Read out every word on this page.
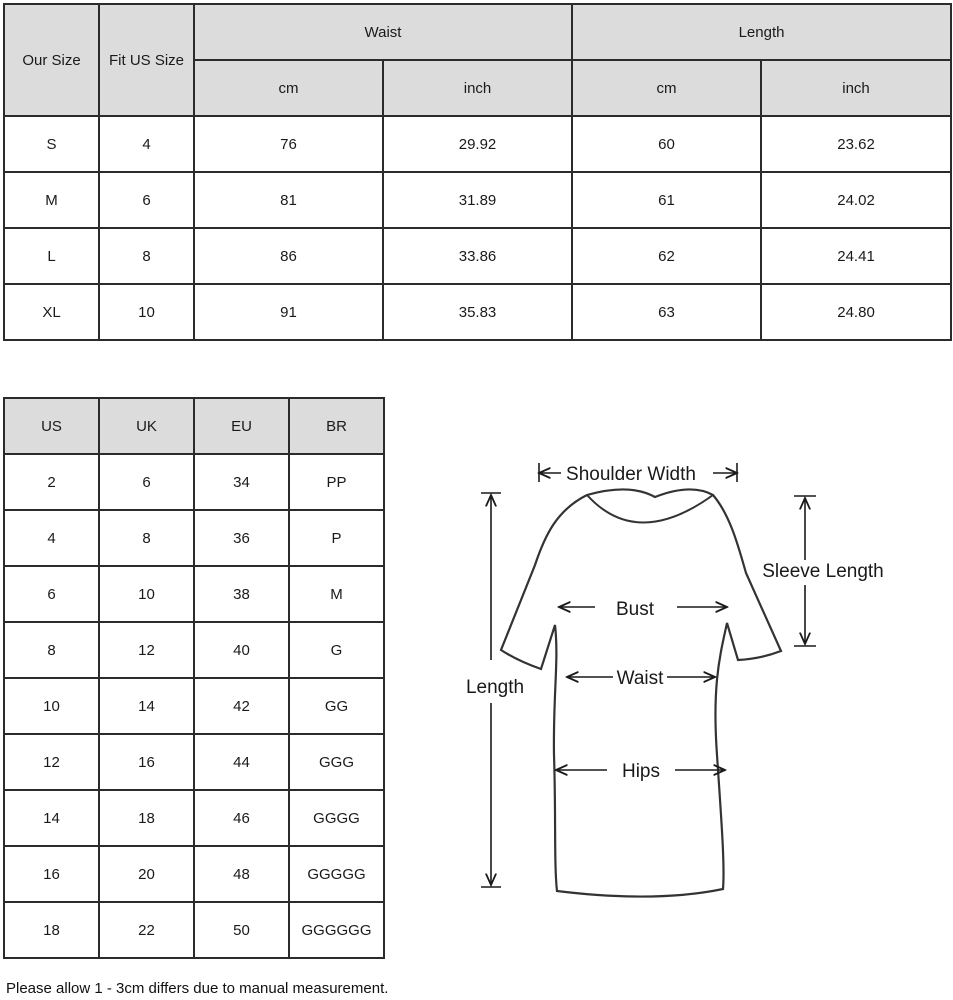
Our Size	Fit US Size	Waist		Length	
		cm	inch	cm	inch
S	4	76	29.92	60	23.62
M	6	81	31.89	61	24.02
L	8	86	33.86	62	24.41
XL	10	91	35.83	63	24.80
US	UK	EU	BR
2	6	34	PP
4	8	36	P
6	10	38	M
8	12	40	G
10	14	42	GG
12	16	44	GGG
14	18	46	GGGG
16	20	48	GGGGG
18	22	50	GGGGGG
Shoulder Width
Sleeve Length
Bust
Waist
Hips
Length
Please allow 1 - 3cm differs due to manual measurement.
